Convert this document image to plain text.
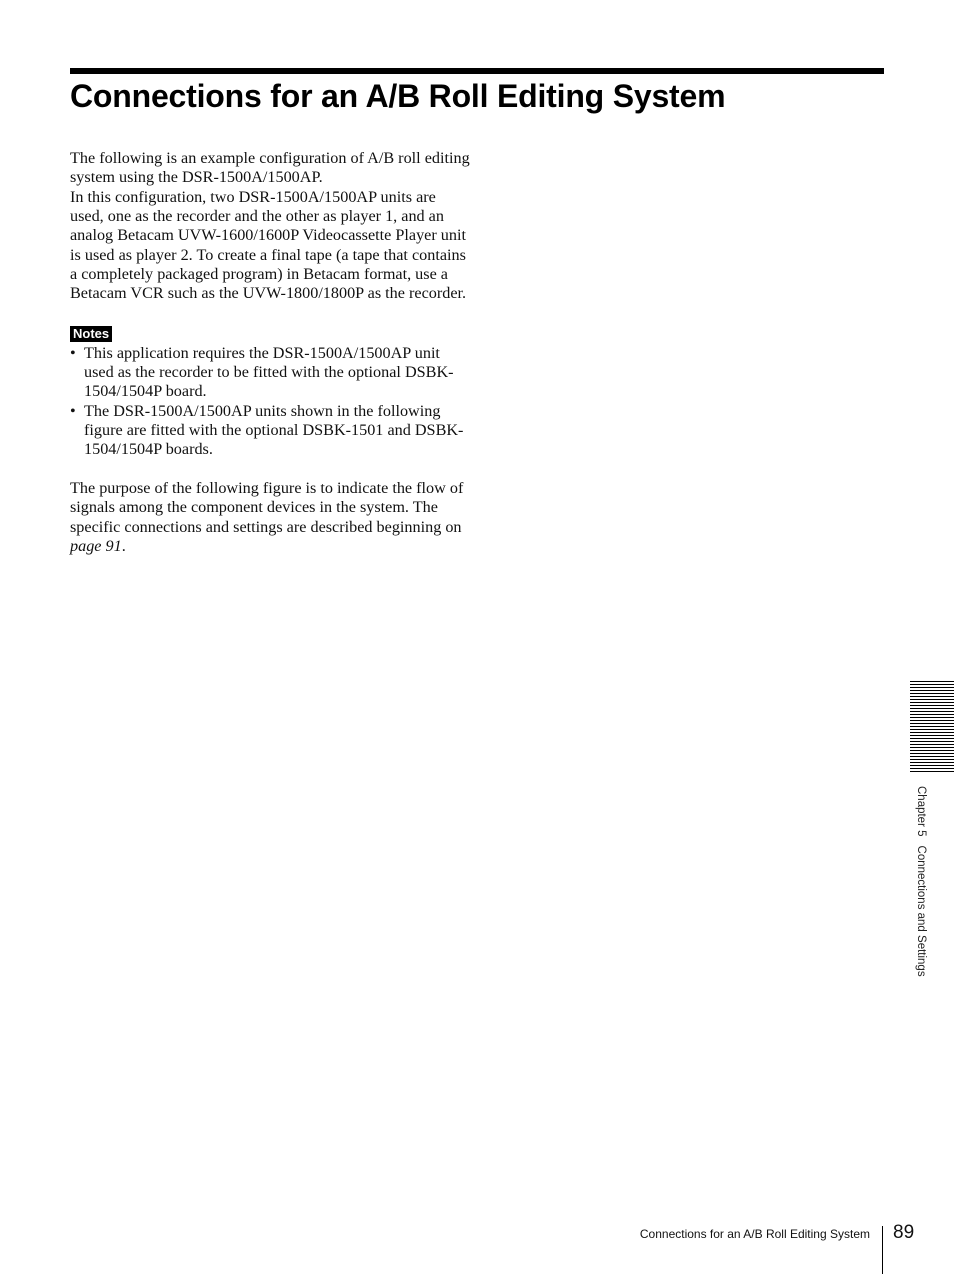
Connections for an A/B Roll Editing System

The following is an example configuration of A/B roll editing system using the DSR-1500A/1500AP.

In this configuration, two DSR-1500A/1500AP units are used, one as the recorder and the other as player 1, and an analog Betacam UVW-1600/1600P Videocassette Player unit is used as player 2. To create a final tape (a tape that contains a completely packaged program) in Betacam format, use a Betacam VCR such as the UVW-1800/1800P as the recorder.

Notes
• This application requires the DSR-1500A/1500AP unit used as the recorder to be fitted with the optional DSBK-1504/1504P board.
• The DSR-1500A/1500AP units shown in the following figure are fitted with the optional DSBK-1501 and DSBK-1504/1504P boards.

The purpose of the following figure is to indicate the flow of signals among the component devices in the system. The specific connections and settings are described beginning on page 91.

Chapter 5Connections and Settings
Connections for an A/B Roll Editing System 89
